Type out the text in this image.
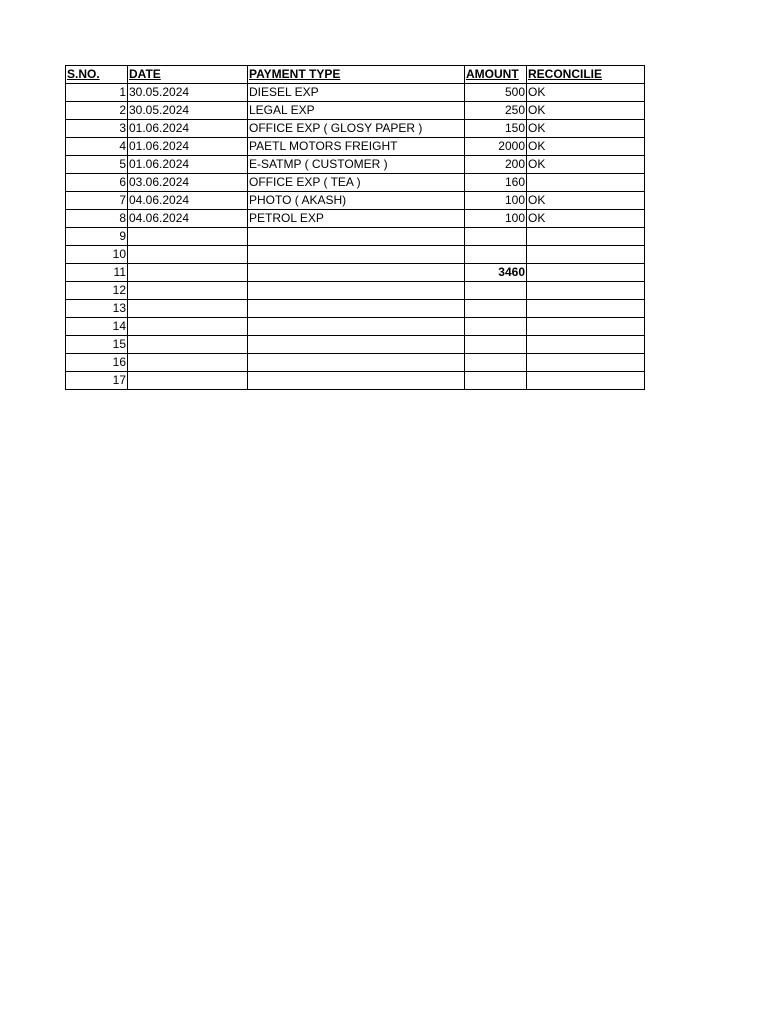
S.NO.	DATE	PAYMENT TYPE	AMOUNT	RECONCILIE
1	30.05.2024	DIESEL EXP	500	OK
2	30.05.2024	LEGAL EXP	250	OK
3	01.06.2024	OFFICE EXP ( GLOSY PAPER )	150	OK
4	01.06.2024	PAETL MOTORS FREIGHT	2000	OK
5	01.06.2024	E-SATMP ( CUSTOMER )	200	OK
6	03.06.2024	OFFICE EXP ( TEA )	160	
7	04.06.2024	PHOTO ( AKASH)	100	OK
8	04.06.2024	PETROL EXP	100	OK
9				
10				
11			3460	
12				
13				
14				
15				
16				
17				
